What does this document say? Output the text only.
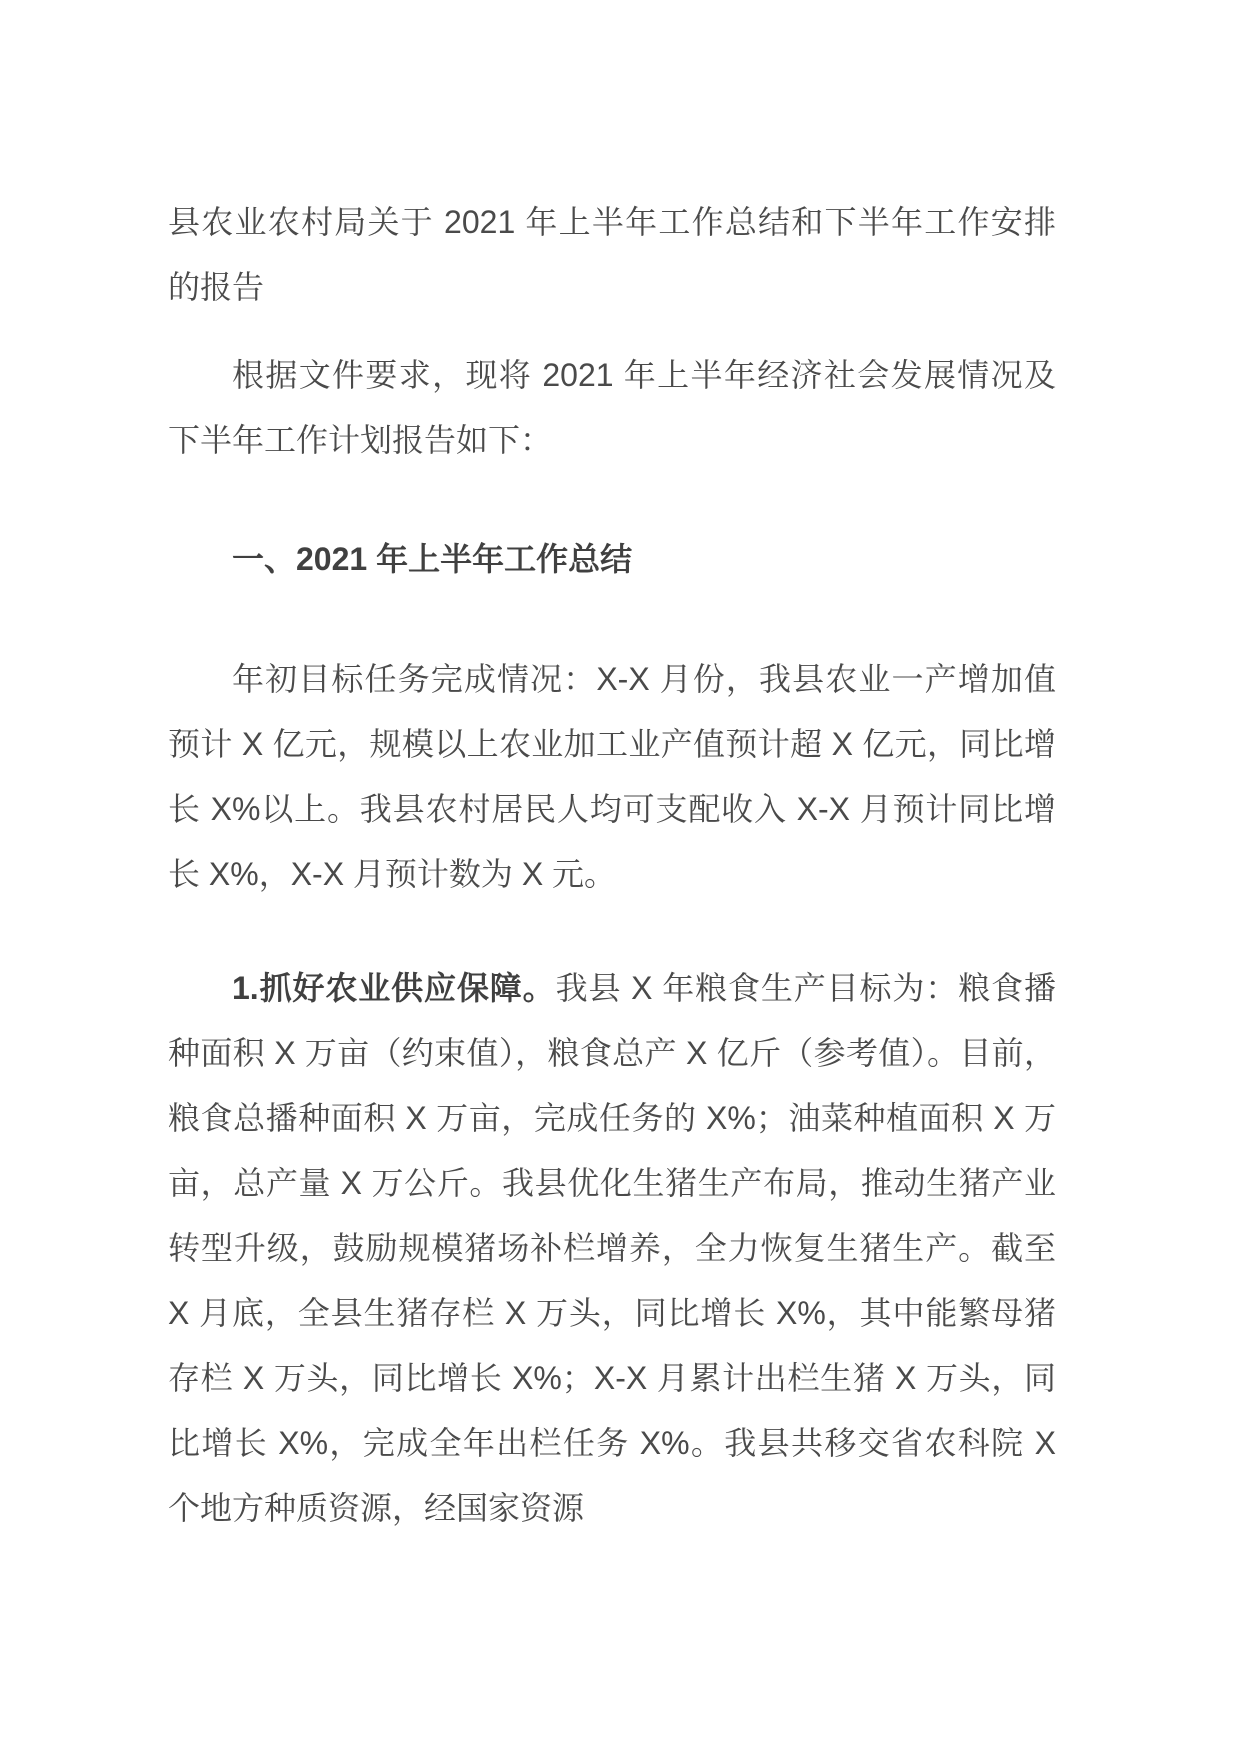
县农业农村局关于 2021 年上半年工作总结和下半年工作安排的报告

根据文件要求，现将 2021 年上半年经济社会发展情况及下半年工作计划报告如下：

一、2021 年上半年工作总结

年初目标任务完成情况：X-X 月份，我县农业一产增加值预计 X 亿元，规模以上农业加工业产值预计超 X 亿元，同比增长 X%以上。我县农村居民人均可支配收入 X-X 月预计同比增长 X%，X-X 月预计数为 X 元。

1.抓好农业供应保障。我县 X 年粮食生产目标为：粮食播种面积 X 万亩（约束值），粮食总产 X 亿斤（参考值）。目前，粮食总播种面积 X 万亩，完成任务的 X%；油菜种植面积 X 万亩，总产量 X 万公斤。我县优化生猪生产布局，推动生猪产业转型升级，鼓励规模猪场补栏增养，全力恢复生猪生产。截至 X 月底，全县生猪存栏 X 万头，同比增长 X%，其中能繁母猪存栏 X 万头，同比增长 X%；X-X 月累计出栏生猪 X 万头，同比增长 X%，完成全年出栏任务 X%。我县共移交省农科院 X 个地方种质资源，经国家资源
